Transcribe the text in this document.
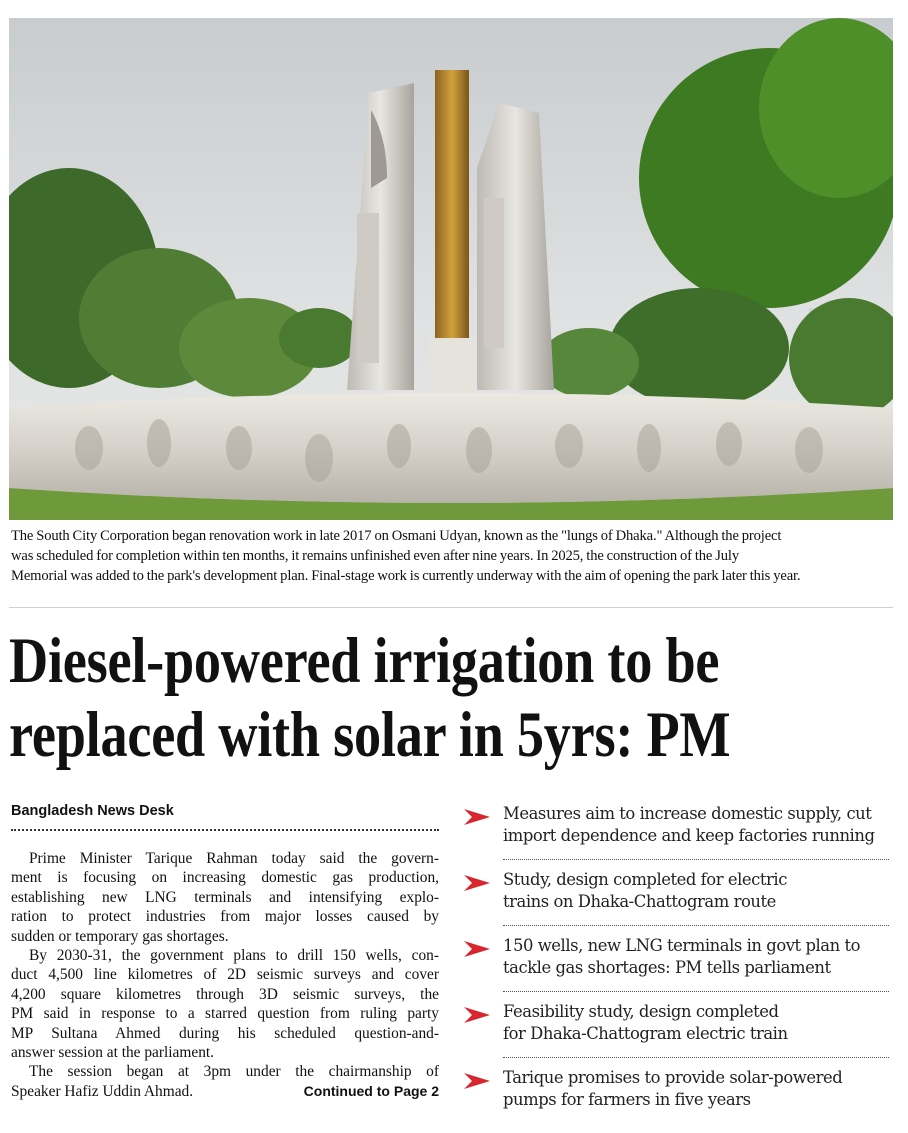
The South City Corporation began renovation work in late 2017 on Osmani Udyan, known as the "lungs of Dhaka." Although the project
was scheduled for completion within ten months, it remains unfinished even after nine years. In 2025, the construction of the July
Memorial was added to the park's development plan. Final-stage work is currently underway with the aim of opening the park later this year.
Diesel-powered irrigation to be
replaced with solar in 5yrs: PM
Bangladesh News Desk
Prime Minister Tarique Rahman today said the govern-
ment is focusing on increasing domestic gas production,
establishing new LNG terminals and intensifying explo-
ration to protect industries from major losses caused by
sudden or temporary gas shortages.
By 2030-31, the government plans to drill 150 wells, con-
duct 4,500 line kilometres of 2D seismic surveys and cover
4,200 square kilometres through 3D seismic surveys, the
PM said in response to a starred question from ruling party
MP Sultana Ahmed during his scheduled question-and-
answer session at the parliament.
The session began at 3pm under the chairmanship of
Speaker Hafiz Uddin Ahmad.	Continued to Page 2
Measures aim to increase domestic supply, cut
import dependence and keep factories running
Study, design completed for electric
trains on Dhaka-Chattogram route
150 wells, new LNG terminals in govt plan to
tackle gas shortages: PM tells parliament
Feasibility study, design completed
for Dhaka-Chattogram electric train
Tarique promises to provide solar-powered
pumps for farmers in five years
